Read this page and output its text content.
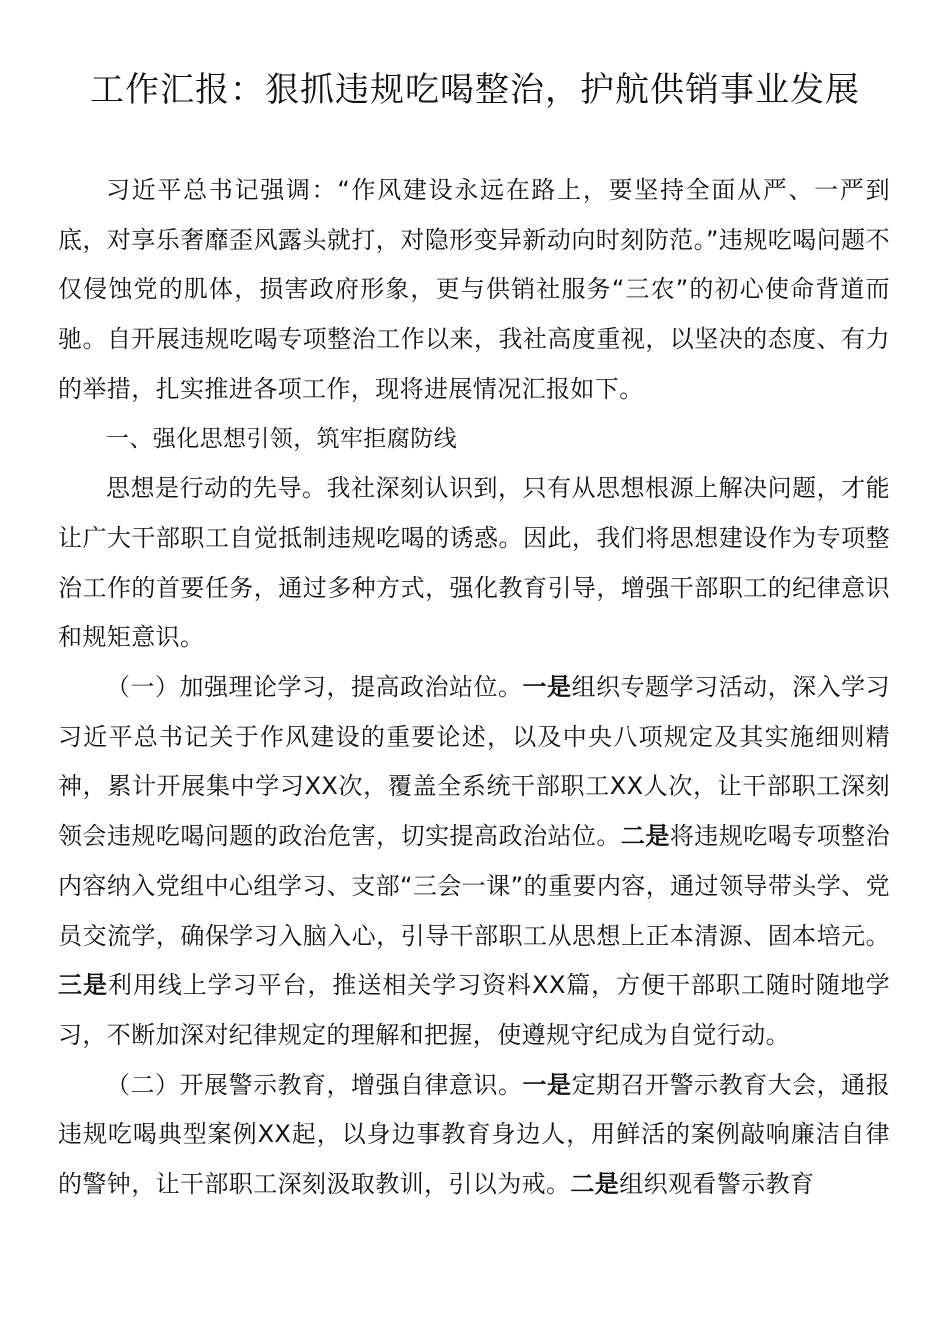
工作汇报：狠抓违规吃喝整治，护航供销事业发展

习近平总书记强调：“作风建设永远在路上，要坚持全面从严、一严到底，对享乐奢靡歪风露头就打，对隐形变异新动向时刻防范。”违规吃喝问题不仅侵蚀党的肌体，损害政府形象，更与供销社服务“三农”的初心使命背道而驰。自开展违规吃喝专项整治工作以来，我社高度重视，以坚决的态度、有力的举措，扎实推进各项工作，现将进展情况汇报如下。

一、强化思想引领，筑牢拒腐防线

思想是行动的先导。我社深刻认识到，只有从思想根源上解决问题，才能让广大干部职工自觉抵制违规吃喝的诱惑。因此，我们将思想建设作为专项整治工作的首要任务，通过多种方式，强化教育引导，增强干部职工的纪律意识和规矩意识。

（一）加强理论学习，提高政治站位。一是组织专题学习活动，深入学习习近平总书记关于作风建设的重要论述，以及中央八项规定及其实施细则精神，累计开展集中学习XX次，覆盖全系统干部职工XX人次，让干部职工深刻领会违规吃喝问题的政治危害，切实提高政治站位。二是将违规吃喝专项整治内容纳入党组中心组学习、支部“三会一课”的重要内容，通过领导带头学、党员交流学，确保学习入脑入心，引导干部职工从思想上正本清源、固本培元。三是利用线上学习平台，推送相关学习资料XX篇，方便干部职工随时随地学习，不断加深对纪律规定的理解和把握，使遵规守纪成为自觉行动。

（二）开展警示教育，增强自律意识。一是定期召开警示教育大会，通报违规吃喝典型案例XX起，以身边事教育身边人，用鲜活的案例敲响廉洁自律的警钟，让干部职工深刻汲取教训，引以为戒。二是组织观看警示教育
